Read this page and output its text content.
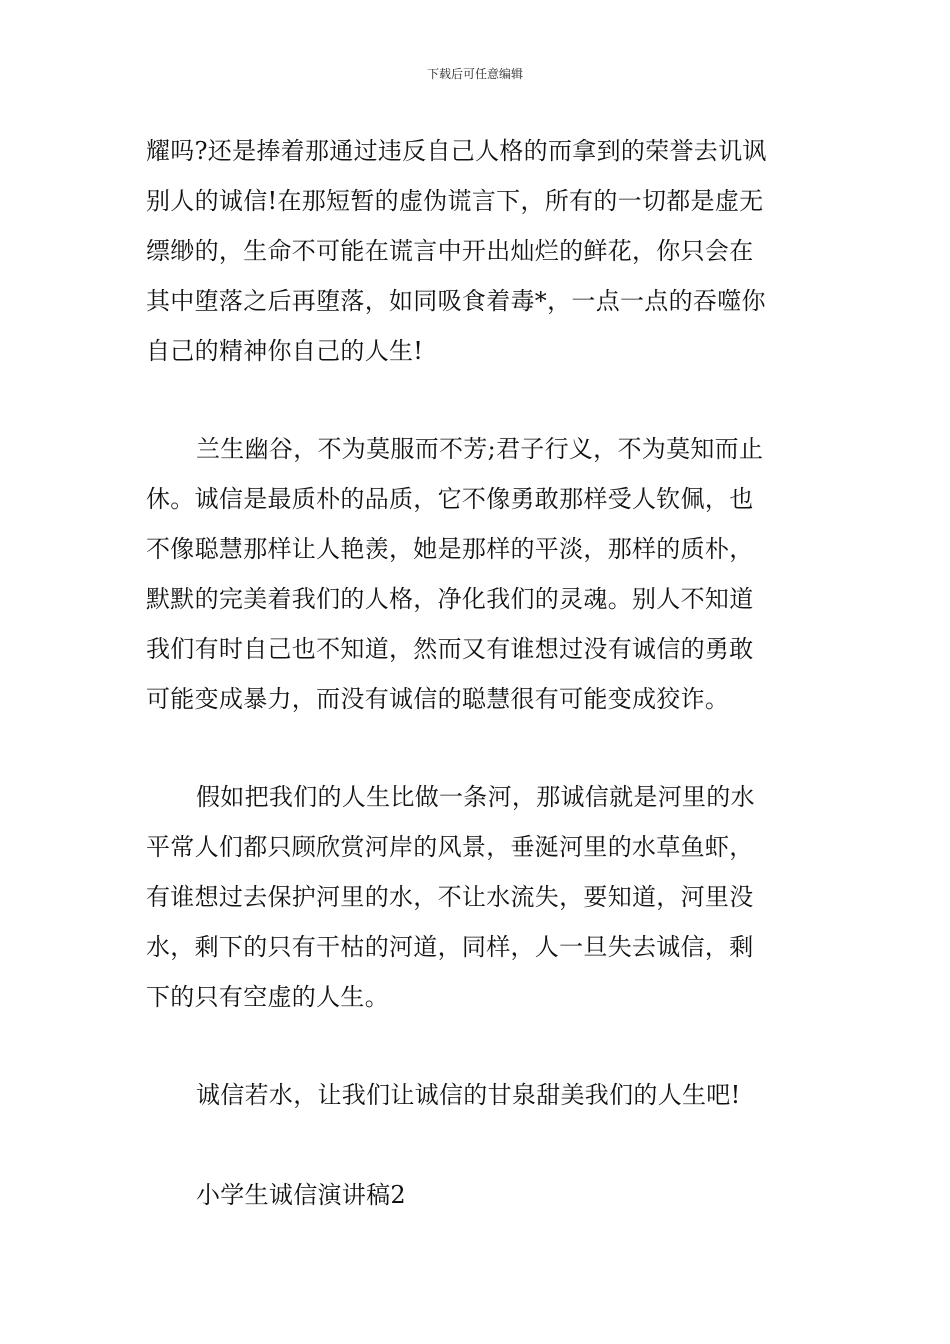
下载后可任意编辑
耀吗?还是捧着那通过违反自己人格的而拿到的荣誉去讥讽
别人的诚信!在那短暂的虚伪谎言下，所有的一切都是虚无
缥缈的，生命不可能在谎言中开出灿烂的鲜花，你只会在
其中堕落之后再堕落，如同吸食着毒*，一点一点的吞噬你
自己的精神你自己的人生!
兰生幽谷，不为莫服而不芳;君子行义，不为莫知而止
休。诚信是最质朴的品质，它不像勇敢那样受人钦佩，也
不像聪慧那样让人艳羡，她是那样的平淡，那样的质朴，
默默的完美着我们的人格，净化我们的灵魂。别人不知道
我们有时自己也不知道，然而又有谁想过没有诚信的勇敢
可能变成暴力，而没有诚信的聪慧很有可能变成狡诈。
假如把我们的人生比做一条河，那诚信就是河里的水
平常人们都只顾欣赏河岸的风景，垂涎河里的水草鱼虾，
有谁想过去保护河里的水，不让水流失，要知道，河里没
水，剩下的只有干枯的河道，同样，人一旦失去诚信，剩
下的只有空虚的人生。
诚信若水，让我们让诚信的甘泉甜美我们的人生吧!
小学生诚信演讲稿2
